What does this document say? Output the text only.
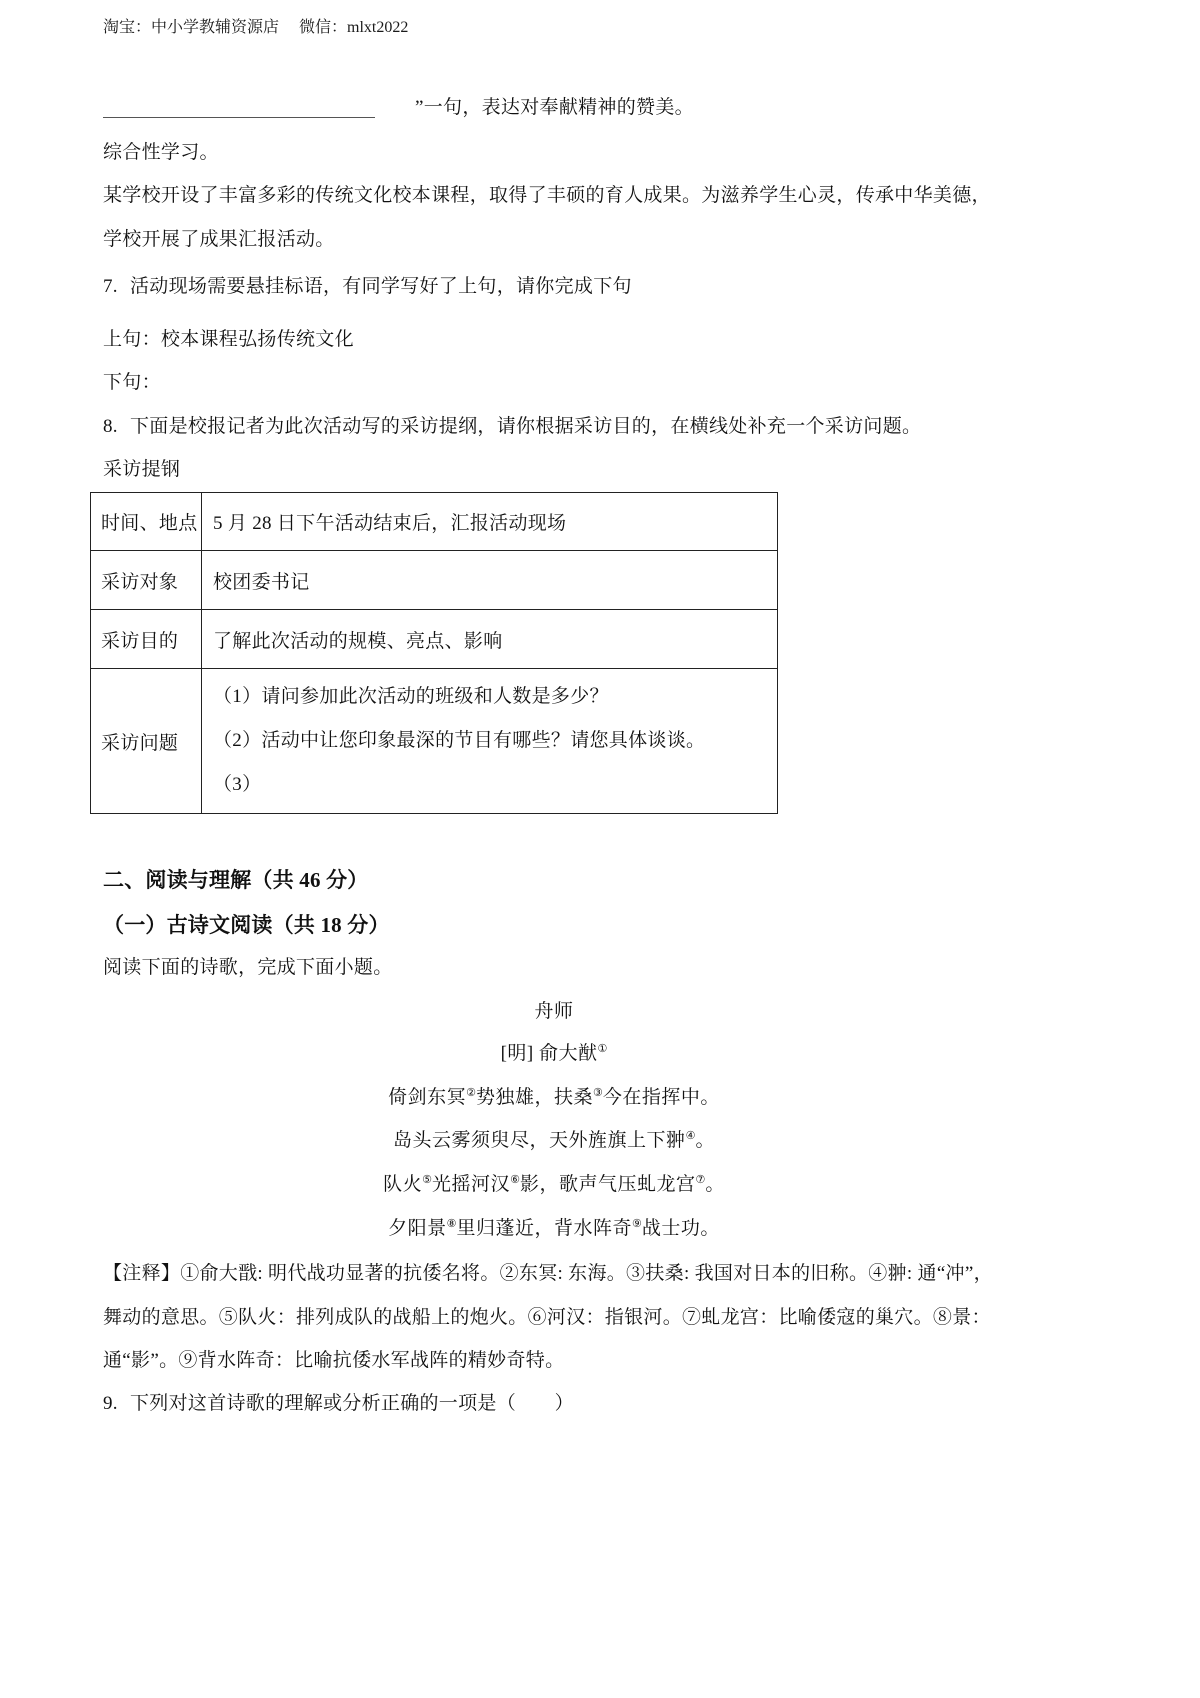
淘宝：中小学教辅资源店 微信：mlxt2022
”一句，表达对奉献精神的赞美。
综合性学习。
某学校开设了丰富多彩的传统文化校本课程，取得了丰硕的育人成果。为滋养学生心灵，传承中华美德，
学校开展了成果汇报活动。
7. 活动现场需要悬挂标语，有同学写好了上句，请你完成下句
上句：校本课程弘扬传统文化
下句：
8. 下面是校报记者为此次活动写的采访提纲，请你根据采访目的，在横线处补充一个采访问题。
采访提钢
时间、地点	5 月 28 日下午活动结束后，汇报活动现场
采访对象	校团委书记
采访目的	了解此次活动的规模、亮点、影响
采访问题	（1）请问参加此次活动的班级和人数是多少？
（2）活动中让您印象最深的节目有哪些？请您具体谈谈。
（3）
二、阅读与理解（共 46 分）
（一）古诗文阅读（共 18 分）
阅读下面的诗歌，完成下面小题。
舟师
[明] 俞大猷①
倚剑东冥②势独雄，扶桑③今在指挥中。
岛头云雾须臾尽，天外旌旗上下翀④。
队火⑤光摇河汉⑥影，歌声气压虬龙宫⑦。
夕阳景⑧里归蓬近，背水阵奇⑨战士功。
【注释】①俞大戬: 明代战功显著的抗倭名将。②东冥: 东海。③扶桑: 我国对日本的旧称。④翀: 通“冲”，
舞动的意思。⑤队火：排列成队的战船上的炮火。⑥河汉：指银河。⑦虬龙宫：比喻倭寇的巢穴。⑧景：
通“影”。⑨背水阵奇：比喻抗倭水军战阵的精妙奇特。
9. 下列对这首诗歌的理解或分析正确的一项是（　　）
